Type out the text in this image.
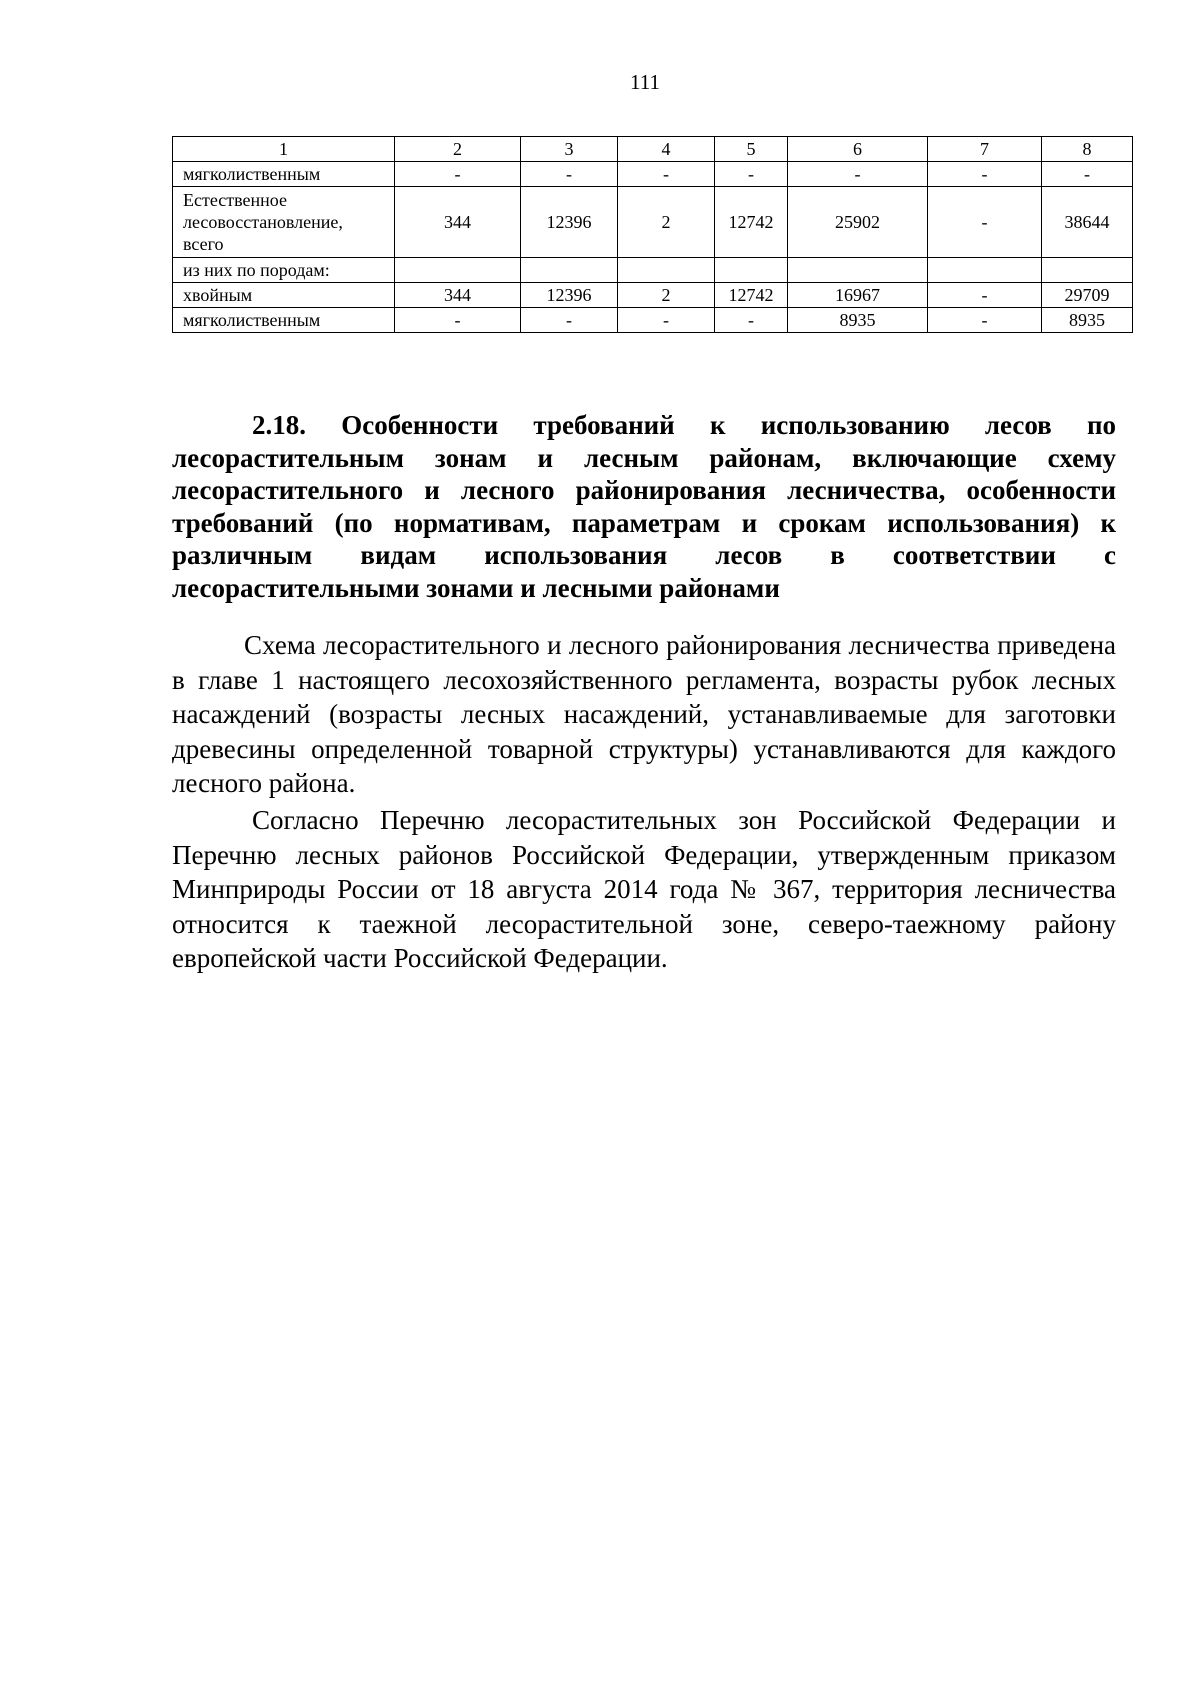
111
1	2	3	4	5	6	7	8
мягколиственным	-	-	-	-	-	-	-
Естественное лесовосстановление, всего	344	12396	2	12742	25902	-	38644
из них по породам:							
хвойным	344	12396	2	12742	16967	-	29709
мягколиственным	-	-	-	-	8935	-	8935
2.18. Особенности требований к использованию лесов по лесорастительным зонам и лесным районам, включающие схему лесорастительного и лесного районирования лесничества, особенности требований (по нормативам, параметрам и срокам использования) к различным видам использования лесов в соответствии с лесорастительными зонами и лесными районами

Схема лесорастительного и лесного районирования лесничества приведена в главе 1 настоящего лесохозяйственного регламента, возрасты рубок лесных насаждений (возрасты лесных насаждений, устанавливаемые для заготовки древесины определенной товарной структуры) устанавливаются для каждого лесного района.

Согласно Перечню лесорастительных зон Российской Федерации и Перечню лесных районов Российской Федерации, утвержденным приказом Минприроды России от 18 августа 2014 года № 367, территория лесничества относится к таежной лесорастительной зоне, северо-таежному району европейской части Российской Федерации.
